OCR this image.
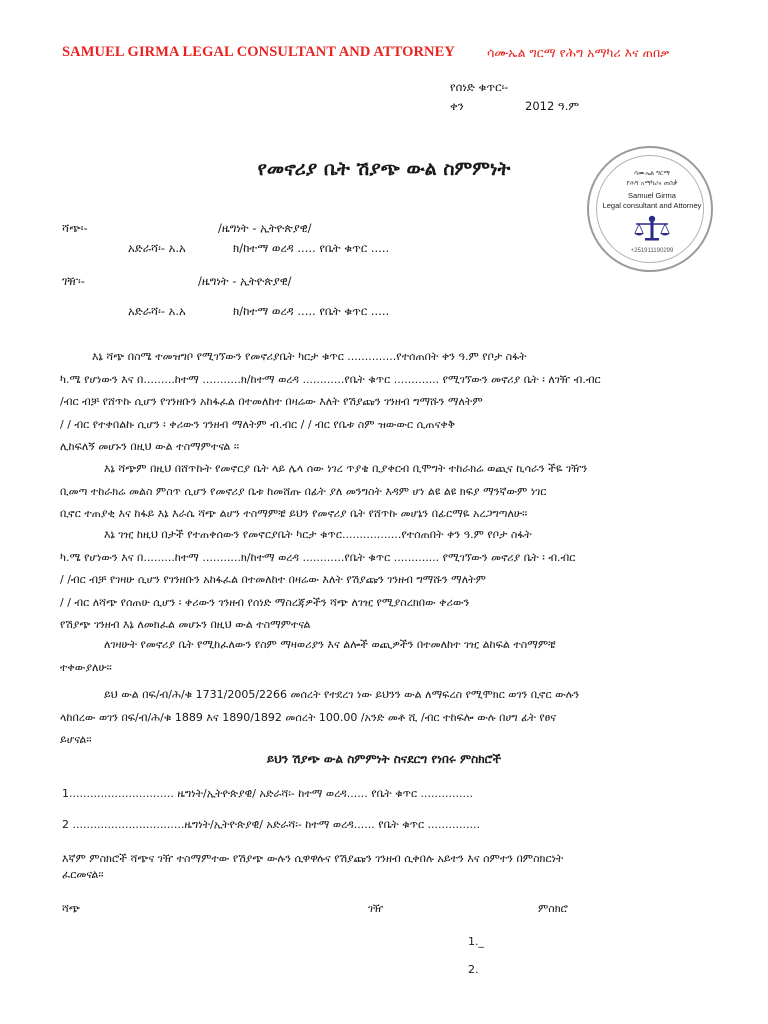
SAMUEL GIRMA LEGAL CONSULTANT AND ATTORNEY	ሳሙኤል ግርማ የሕግ አማካሪ እና ጠበቃ
የሰነድ ቁጥር፡-
ቀን	2012 ዓ.ም
የመኖሪያ ቤት ሽያጭ ውል ስምምነት	ሳሙኤል ግርማ
የሕግ አማካሪና ጠበቃ
Samuel Girma
Legal consultant and Attorney
+251911190299
ሻጭ፡-	/ዜግነት - ኢትዮጵያዊ/
አድራሻ፡- አ.አ	ክ/ከተማ ወረዳ ..... የቤት ቁጥር .....
ገዥ፡-	/ዜግነት - ኢትዮጵያዊ/
አድራሻ፡- አ.አ	ክ/ከተማ ወረዳ ..... የቤት ቁጥር .....
እኔ ሻጭ በስሜ ተመዝግቦ የሚገኘውን የመኖሪያቤት ካርታ ቁጥር ..............የተሰጠበት ቀን ዓ.ም የቦታ ስፋት
ካ.ሜ የሆነውን እና በ.........ከተማ ...........ክ/ከተማ ወረዳ ............የቤት ቁጥር ............. የሚገኘውን መኖሪያ ቤት ፡ ለገዥ ብ.ብር
/ብር ብቻ የሸጥኩ ሲሆን የገንዘቡን አከፋፈል በተመለከተ በዛሬው እለት የሽያጩን ገንዘብ ግማሹን ማለትም
/ / ብር የተቀበልኩ ሲሆን ፡ ቀሪውን ገንዘብ ማለትም ብ.ብር / / ብር የቤቱ ስም ዝውውር ሲጠናቀቅ
ሊከፍለኝ መሆኑን በዚህ ውል ተስማምተናል ፡፡
እኔ ሻጭም በዚህ በሸጥኩት የመኖርያ ቤት ላይ ሌላ ሰው ነገረ ጥያቄ ቢያቀርብ ቢሞግት ተከራክሬ ወጪና ኪሳራን ችዬ ገዥን
ቢመጣ ተከራክሬ መልስ ምስጥ ሲሆን የመኖሪያ ቤቱ ከመሸጡ በፊት ያለ መንግስት እዳም ሆነ ልዩ ልዩ ክፍያ ማንኛውም ነገር
ቢኖር ተጠያቂ እና ከፋይ እኔ እራሴ ሻጭ ልሆን ተስማምቼ ይህን የመኖሪያ ቤት የሸጥኩ መሆኔን በፊርማዬ አረጋግጣለሁ፡፡
እኔ ገዢ ከዚህ በታች የተጠቀሰውን የመኖርያቤት ካርታ ቁጥር.................የተሰጠበት ቀን ዓ.ም የቦታ ስፋት
ካ.ሜ የሆነውን እና በ.........ከተማ ...........ክ/ከተማ ወረዳ ............የቤት ቁጥር ............. የሚገኘውን መኖሪያ ቤት ፡ ብ.ብር
/ /ብር ብቻ የገዛሁ ሲሆን የገንዘቡን አከፋፈል በተመለከተ በዛሬው እለት የሽያጩን ገንዘብ ግማሹን ማለትም
/ / ብር ለሻጭ የሰጠሁ ሲሆን ፡ ቀሪውን ገንዘብ የሰነድ ማስረጃዎችን ሻጭ ለገዢ የሚያስረክበው ቀሪውን
የሽያጭ ገንዘብ እኔ ለመክፈል መሆኑን በዚህ ውል ተስማምተናል
ለገዛሁት የመኖሪያ ቤት የሚከፈለውን የስም ማዛወሪያን እና ልሎች ወጪዎችን በተመለከተ ገዢ ልከፍል ተስማምቼ
ተቀውያለሁ፡፡
ይህ ውል በፍ/ብ/ሕ/ቁ 1731/2005/2266 መሰረት የተደረገ ነው ይህንን ውል ለማፍረስ የሚሞክር ወገን ቢኖር ውሉን
ላከበረው ወገን በፍ/ብ/ሕ/ቁ 1889 እና 1890/1892 መሰረት 100.00 /አንድ መቶ ሺ /ብር ተከፍሎ ውሉ በሀግ ፊት የፀና
ይሆናል፡፡
ይህን ሽያጭ ውል ስምምነት ስናደርግ የነበሩ ምስክሮች
1.............................. ዜግነት/ኢትዮጵያዊ/ አድራሻ፡- ከተማ ወረዳ...... የቤት ቁጥር ...............
2 ................................ዜግነት/ኢትዮጵያዊ/ አድራሻ፡- ከተማ ወረዳ...... የቤት ቁጥር ...............
እኛም ምስክሮች ሻጭና ገዥ ተስማምተው የሽያጭ ውሉን ሲዋዋሉና የሽያጩን ገንዘብ ሲቀበሉ አይተን እና ሰምተን በምስክርነት
ፈርመናል፡፡
ሻጭ	ገዥ	ምስክሮ
1._
2.
